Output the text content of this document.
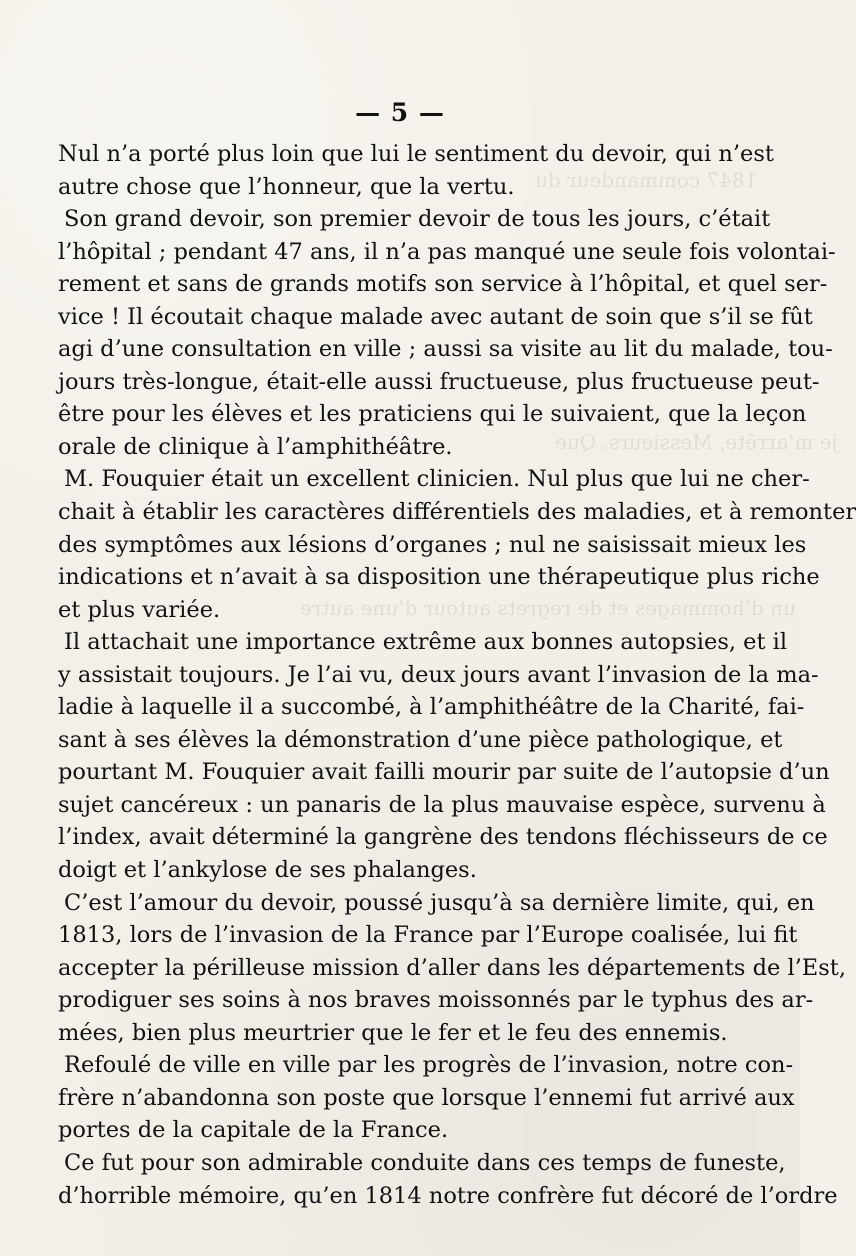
1847 commandeur du
je m’arrête, Messieurs. Que
un d’hommages et de regrets autour d’une autre
— 5 —
Nul n’a porté plus loin que lui le sentiment du devoir, qui n’est
autre chose que l’honneur, que la vertu.
Son grand devoir, son premier devoir de tous les jours, c’était
l’hôpital ; pendant 47 ans, il n’a pas manqué une seule fois volontai-
rement et sans de grands motifs son service à l’hôpital, et quel ser-
vice ! Il écoutait chaque malade avec autant de soin que s’il se fût
agi d’une consultation en ville ; aussi sa visite au lit du malade, tou-
jours très-longue, était-elle aussi fructueuse, plus fructueuse peut-
être pour les élèves et les praticiens qui le suivaient, que la leçon
orale de clinique à l’amphithéâtre.
M. Fouquier était un excellent clinicien. Nul plus que lui ne cher-
chait à établir les caractères différentiels des maladies, et à remonter
des symptômes aux lésions d’organes ; nul ne saisissait mieux les
indications et n’avait à sa disposition une thérapeutique plus riche
et plus variée.
Il attachait une importance extrême aux bonnes autopsies, et il
y assistait toujours. Je l’ai vu, deux jours avant l’invasion de la ma-
ladie à laquelle il a succombé, à l’amphithéâtre de la Charité, fai-
sant à ses élèves la démonstration d’une pièce pathologique, et
pourtant M. Fouquier avait failli mourir par suite de l’autopsie d’un
sujet cancéreux : un panaris de la plus mauvaise espèce, survenu à
l’index, avait déterminé la gangrène des tendons fléchisseurs de ce
doigt et l’ankylose de ses phalanges.
C’est l’amour du devoir, poussé jusqu’à sa dernière limite, qui, en
1813, lors de l’invasion de la France par l’Europe coalisée, lui fit
accepter la périlleuse mission d’aller dans les départements de l’Est,
prodiguer ses soins à nos braves moissonnés par le typhus des ar-
mées, bien plus meurtrier que le fer et le feu des ennemis.
Refoulé de ville en ville par les progrès de l’invasion, notre con-
frère n’abandonna son poste que lorsque l’ennemi fut arrivé aux
portes de la capitale de la France.
Ce fut pour son admirable conduite dans ces temps de funeste,
d’horrible mémoire, qu’en 1814 notre confrère fut décoré de l’ordre
